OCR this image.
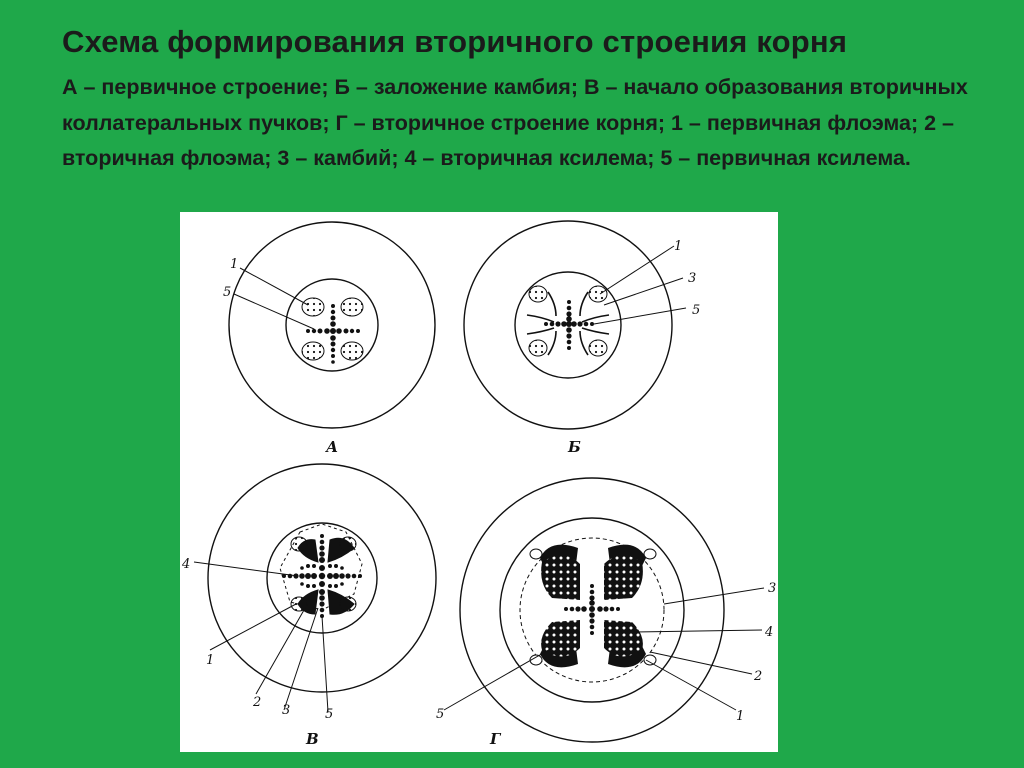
Схема формирования вторичного строения корня
А – первичное строение; Б – заложение камбия; В – начало образования вторичных коллатеральных пучков; Г – вторичное строение корня; 1 – первичная флоэма; 2 – вторичная флоэма; 3 – камбий; 4 – вторичная ксилема; 5 – первичная ксилема.
1
5
А
1
3
5
Б
4
1
2
3	5
В
3
4
2
1
5
Г
